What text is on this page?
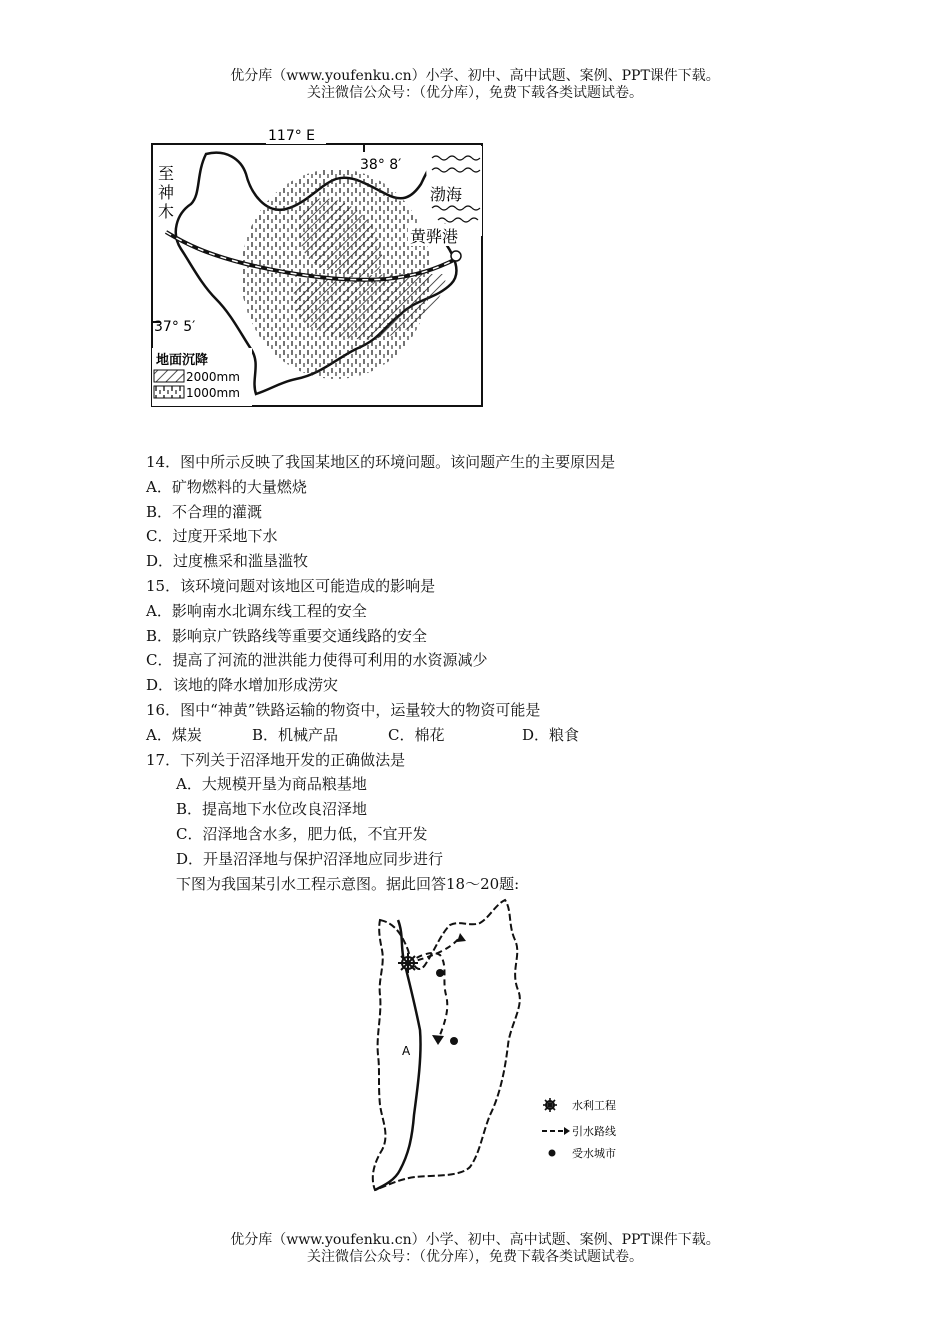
优分库（www.youfenku.cn）小学、初中、高中试题、案例、PPT课件下载。
关注微信公众号：（优分库），免费下载各类试题试卷。
117° E
38° 8′
37° 5′
渤海
黄骅港
至
神
木
地面沉降
2000mm
1000mm
14．图中所示反映了我国某地区的环境问题。该问题产生的主要原因是
A．矿物燃料的大量燃烧
B．不合理的灌溉
C．过度开采地下水
D．过度樵采和滥垦滥牧
15．该环境问题对该地区可能造成的影响是
A．影响南水北调东线工程的安全
B．影响京广铁路线等重要交通线路的安全
C．提高了河流的泄洪能力使得可利用的水资源减少
D．该地的降水增加形成涝灾
16．图中“神黄”铁路运输的物资中，运量较大的物资可能是
A．煤炭	B．机械产品	C．棉花	D．粮食
17．下列关于沼泽地开发的正确做法是
A．大规模开垦为商品粮基地
B．提高地下水位改良沼泽地
C．沼泽地含水多，肥力低，不宜开发
D．开垦沼泽地与保护沼泽地应同步进行
下图为我国某引水工程示意图。据此回答18～20题:
A
水利工程
引水路线
受水城市
优分库（www.youfenku.cn）小学、初中、高中试题、案例、PPT课件下载。
关注微信公众号：（优分库），免费下载各类试题试卷。
